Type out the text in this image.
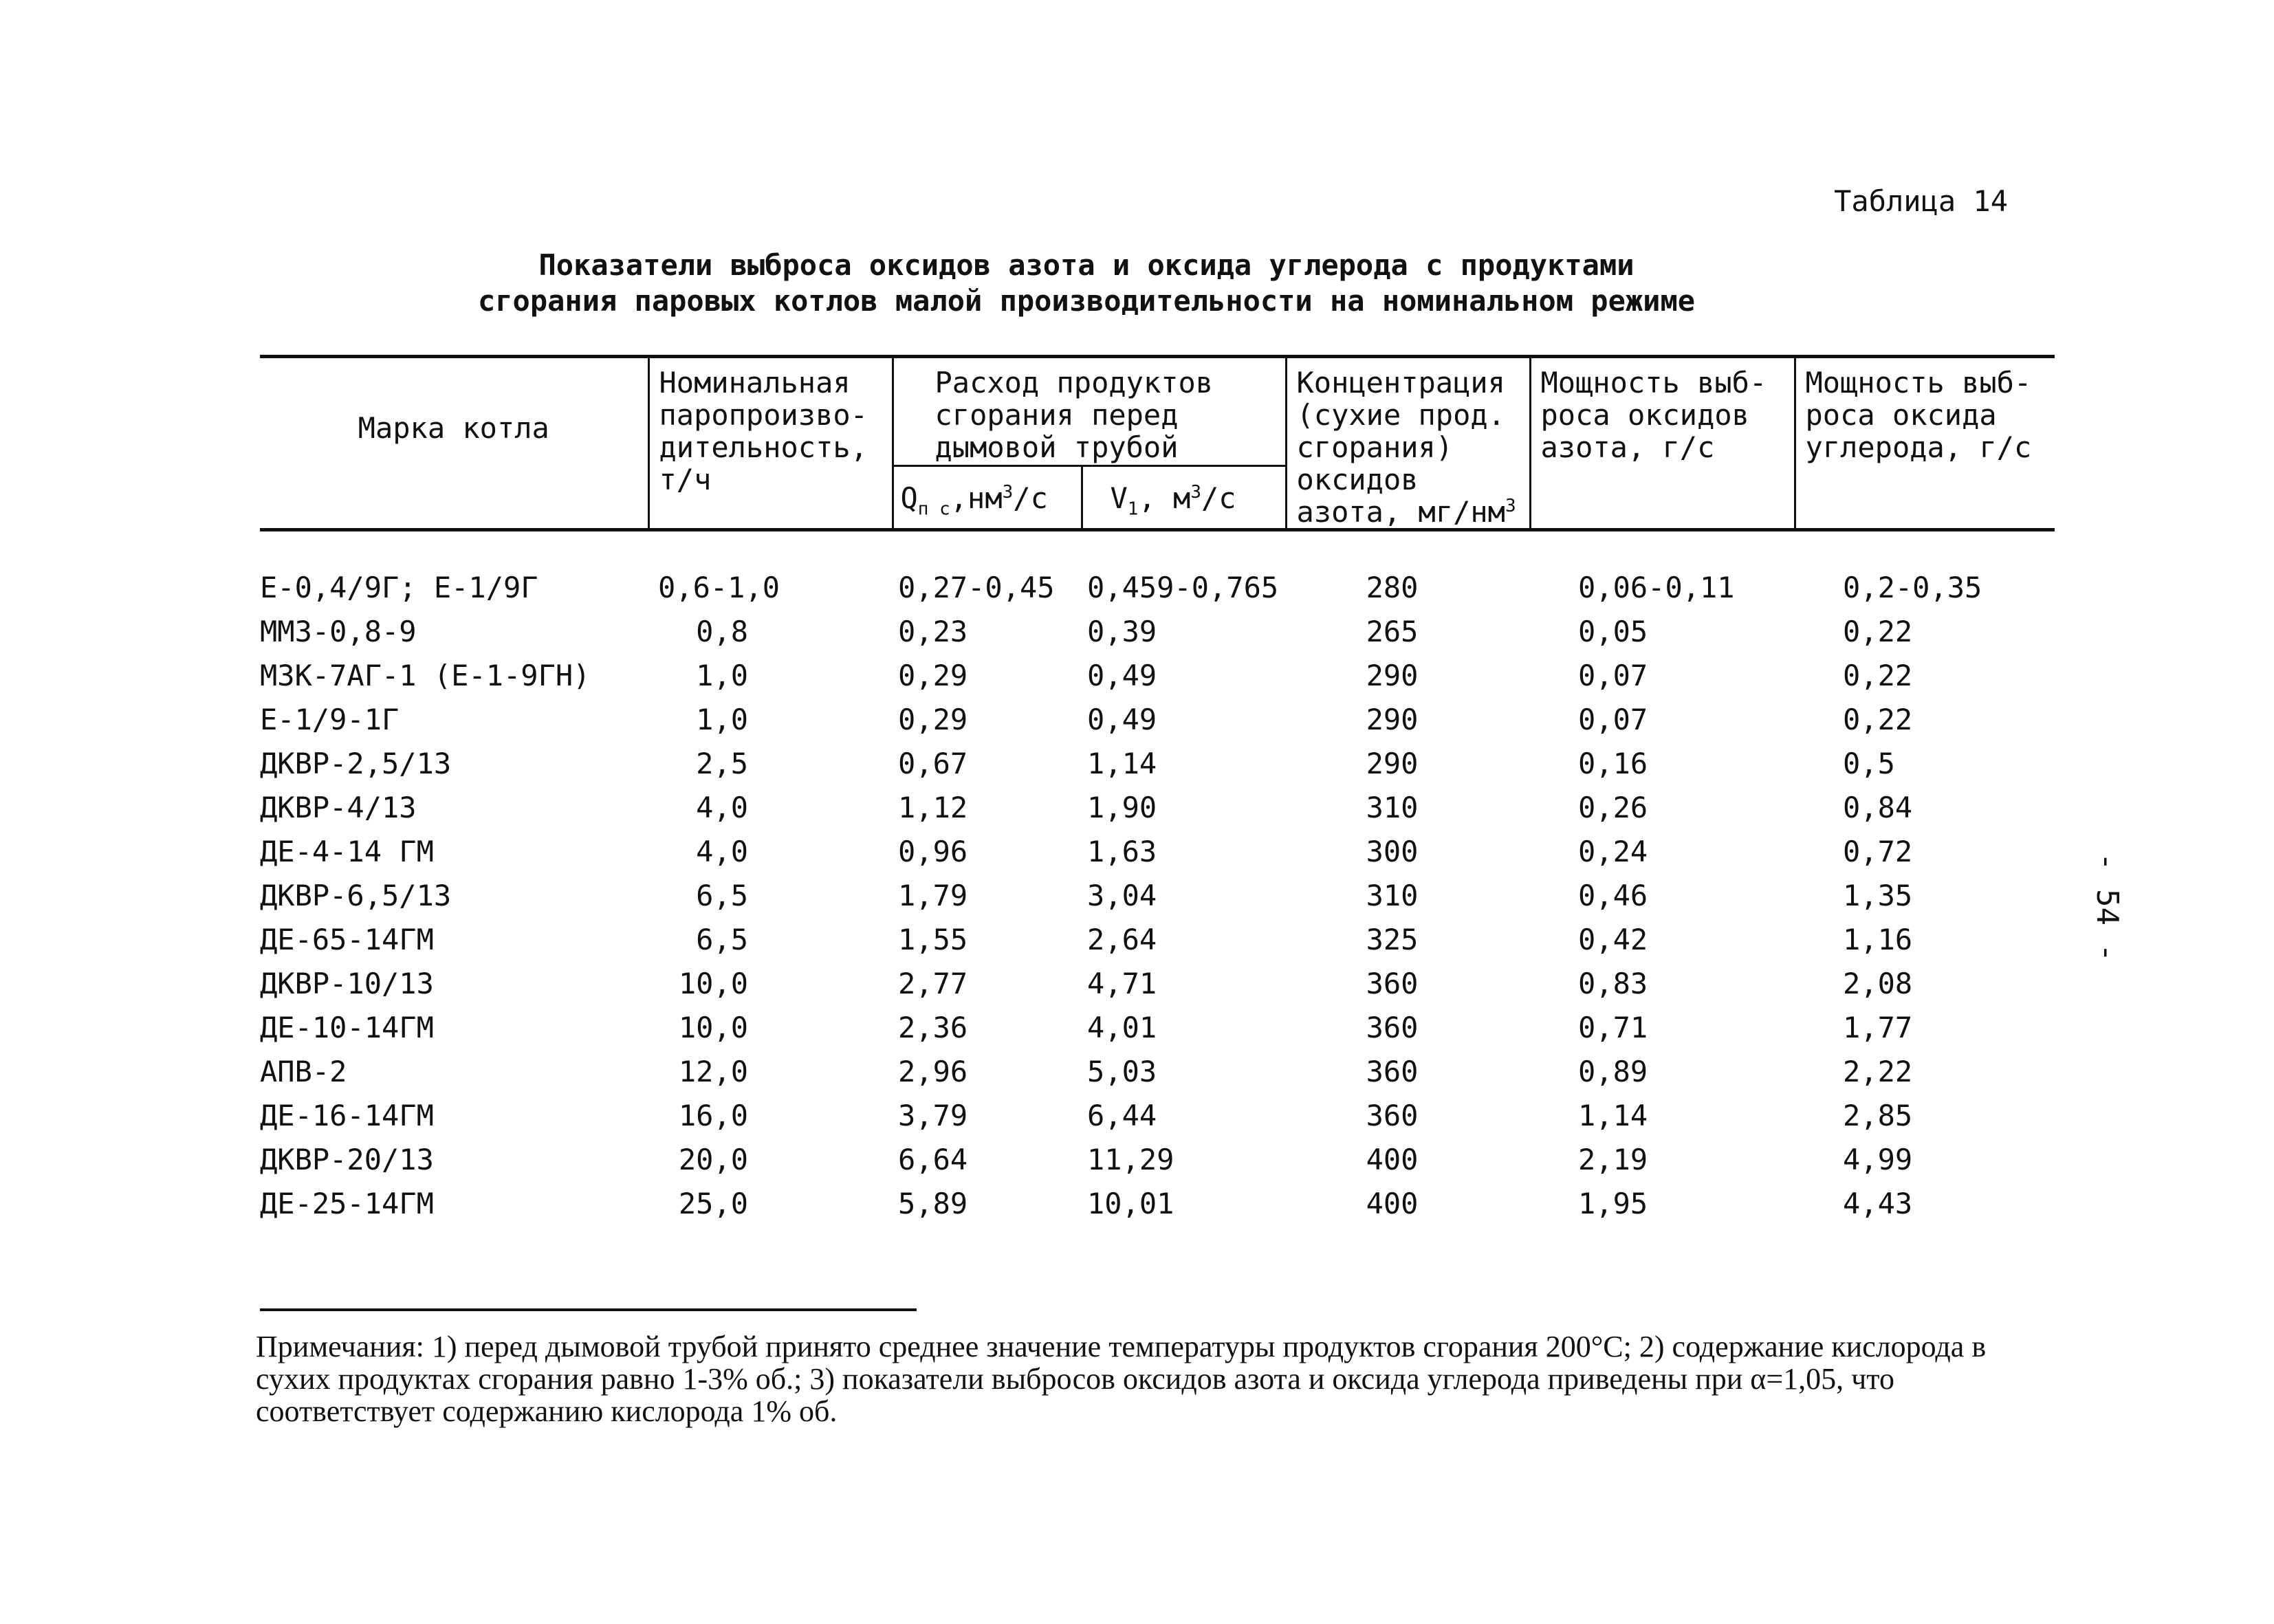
Таблица 14
Показатели выброса оксидов азота и оксида углерода с продуктами
сгорания паровых котлов малой производительности на номинальном режиме
Марка котла	Номинальная паропроизво-дительность, т/ч	Расход продуктов сгорания перед дымовой трубой		Концентрация (сухие прод. сгорания) оксидов азота, $мг/нм^3$	Мощность выб-роса оксидов азота, г/с	Мощность выб-роса оксида углерода, г/с
		$Q_{п с},нм^3/с$	$V_1$, $м^3/с$			
Е-0,4/9Г; Е-1/9Г	0,6-1,0	0,27-0,45	0,459-0,765	280	0,06-0,11	0,2-0,35
ММЗ-0,8-9	0,8	0,23	0,39	265	0,05	0,22
МЗК-7АГ-1 (Е-1-9ГН)	1,0	0,29	0,49	290	0,07	0,22
Е-1/9-1Г	1,0	0,29	0,49	290	0,07	0,22
ДКВР-2,5/13	2,5	0,67	1,14	290	0,16	0,5
ДКВР-4/13	4,0	1,12	1,90	310	0,26	0,84
ДЕ-4-14 ГМ	4,0	0,96	1,63	300	0,24	0,72
ДКВР-6,5/13	6,5	1,79	3,04	310	0,46	1,35
ДЕ-65-14ГМ	6,5	1,55	2,64	325	0,42	1,16
ДКВР-10/13	10,0	2,77	4,71	360	0,83	2,08
ДЕ-10-14ГМ	10,0	2,36	4,01	360	0,71	1,77
АПВ-2	12,0	2,96	5,03	360	0,89	2,22
ДЕ-16-14ГМ	16,0	3,79	6,44	360	1,14	2,85
ДКВР-20/13	20,0	6,64	11,29	400	2,19	4,99
ДЕ-25-14ГМ	25,0	5,89	10,01	400	1,95	4,43
Примечания: 1) перед дымовой трубой принято среднее значение температуры продуктов сгорания 200°С; 2) содержание кислорода в сухих продуктах сгорания равно 1-3% об.; 3) показатели выбросов оксидов азота и оксида углерода приведены при α=1,05, что соответствует содержанию кислорода 1% об.
- 54 -
